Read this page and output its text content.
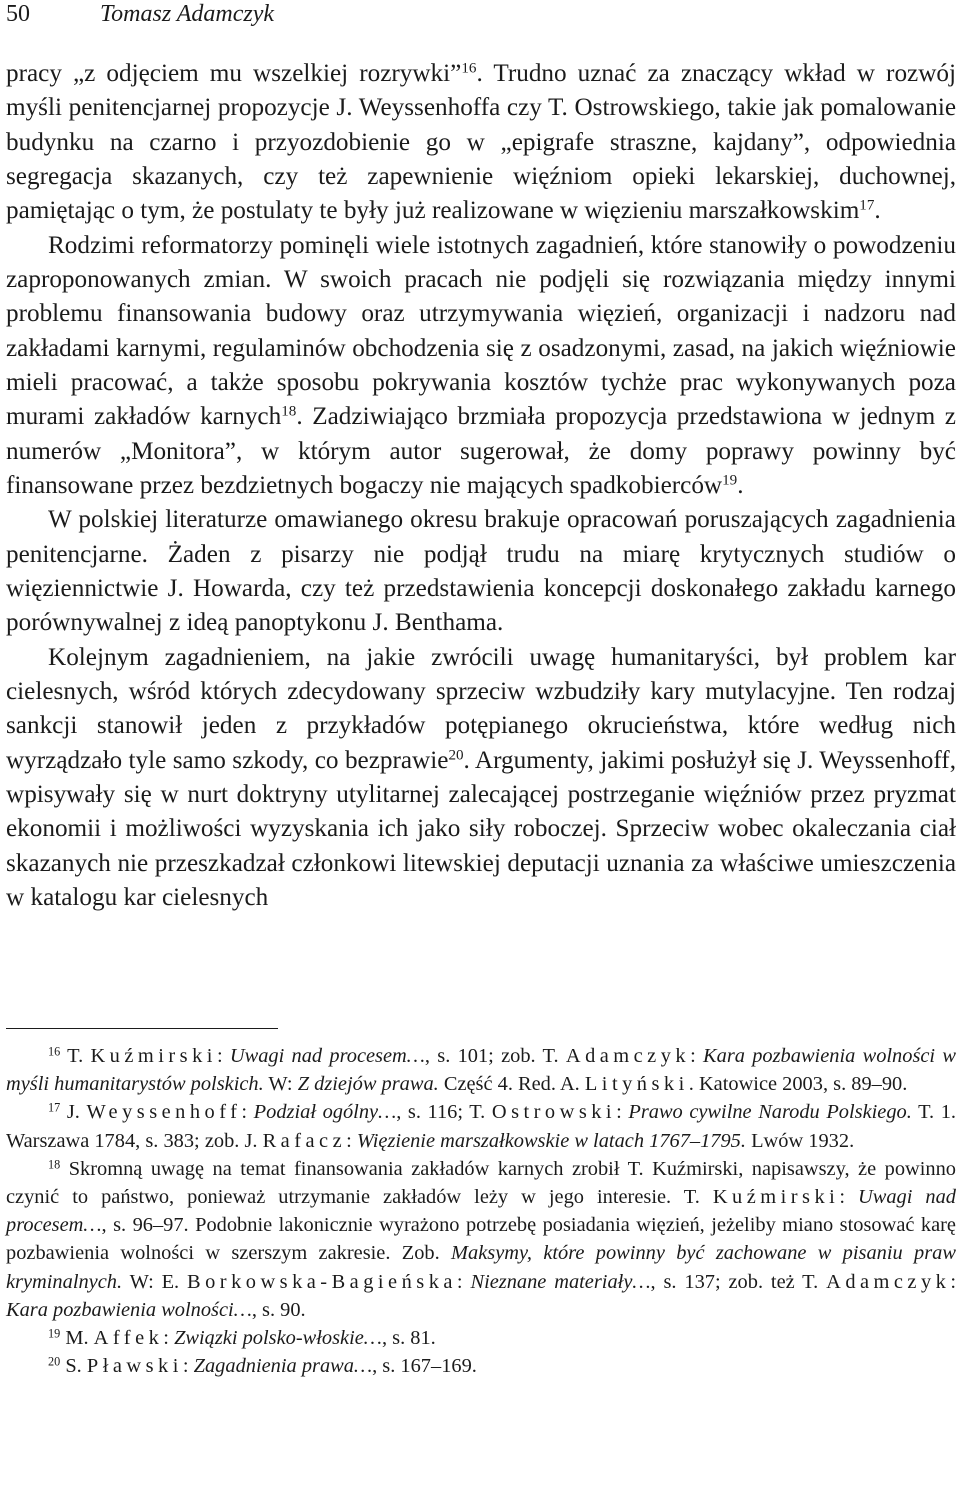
50	Tomasz Adamczyk

pracy „z odjęciem mu wszelkiej rozrywki”$^{16}$. Trudno uznać za znaczący wkład w rozwój myśli penitencjarnej propozycje J. Weyssenhoffa czy T. Ostrowskiego, takie jak pomalowanie budynku na czarno i przyozdobienie go w „epigrafe straszne, kajdany”, odpowiednia segregacja skazanych, czy też zapewnienie więźniom opieki lekarskiej, duchownej, pamiętając o tym, że postulaty te były już realizowane w więzieniu marszałkowskim$^{17}$.

Rodzimi reformatorzy pominęli wiele istotnych zagadnień, które stanowiły o powodzeniu zaproponowanych zmian. W swoich pracach nie podjęli się rozwiązania między innymi problemu finansowania budowy oraz utrzymywania więzień, organizacji i nadzoru nad zakładami karnymi, regulaminów obchodzenia się z osadzonymi, zasad, na jakich więźniowie mieli pracować, a także sposobu pokrywania kosztów tychże prac wykonywanych poza murami zakładów karnych$^{18}$. Zadziwiająco brzmiała propozycja przedstawiona w jednym z numerów „Monitora”, w którym autor sugerował, że domy poprawy powinny być finansowane przez bezdzietnych bogaczy nie mających spadkobierców$^{19}$.

W polskiej literaturze omawianego okresu brakuje opracowań poruszających zagadnienia penitencjarne. Żaden z pisarzy nie podjął trudu na miarę krytycznych studiów o więziennictwie J. Howarda, czy też przedstawienia koncepcji doskonałego zakładu karnego porównywalnej z ideą panoptykonu J. Benthama.

Kolejnym zagadnieniem, na jakie zwrócili uwagę humanitaryści, był problem kar cielesnych, wśród których zdecydowany sprzeciw wzbudziły kary mutylacyjne. Ten rodzaj sankcji stanowił jeden z przykładów potępianego okrucieństwa, które według nich wyrządzało tyle samo szkody, co bezprawie$^{20}$. Argumenty, jakimi posłużył się J. Weyssenhoff, wpisywały się w nurt doktryny utylitarnej zalecającej postrzeganie więźniów przez pryzmat ekonomii i możliwości wyzyskania ich jako siły roboczej. Sprzeciw wobec okaleczania ciał skazanych nie przeszkadzał członkowi litewskiej deputacji uznania za właściwe umieszczenia w katalogu kar cielesnych

$^{16}$ T. Kuźmirski: Uwagi nad procesem…, s. 101; zob. T. Adamczyk: Kara pozbawienia wolności w myśli humanitarystów polskich. W: Z dziejów prawa. Część 4. Red. A. Lityński. Katowice 2003, s. 89–90.

$^{17}$ J. Weyssenhoff: Podział ogólny…, s. 116; T. Ostrowski: Prawo cywilne Narodu Polskiego. T. 1. Warszawa 1784, s. 383; zob. J. Rafacz: Więzienie marszałkowskie w latach 1767–1795. Lwów 1932.

$^{18}$ Skromną uwagę na temat finansowania zakładów karnych zrobił T. Kuźmirski, napisawszy, że powinno czynić to państwo, ponieważ utrzymanie zakładów leży w jego interesie. T. Kuźmirski: Uwagi nad procesem…, s. 96–97. Podobnie lakonicznie wyrażono potrzebę posiadania więzień, jeżeliby miano stosować karę pozbawienia wolności w szerszym zakresie. Zob. Maksymy, które powinny być zachowane w pisaniu praw kryminalnych. W: E. Borkowska-Bagieńska: Nieznane materiały…, s. 137; zob. też T. Adamczyk: Kara pozbawienia wolności…, s. 90.

$^{19}$ M. Affek: Związki polsko-włoskie…, s. 81.

$^{20}$ S. Pławski: Zagadnienia prawa…, s. 167–169.
